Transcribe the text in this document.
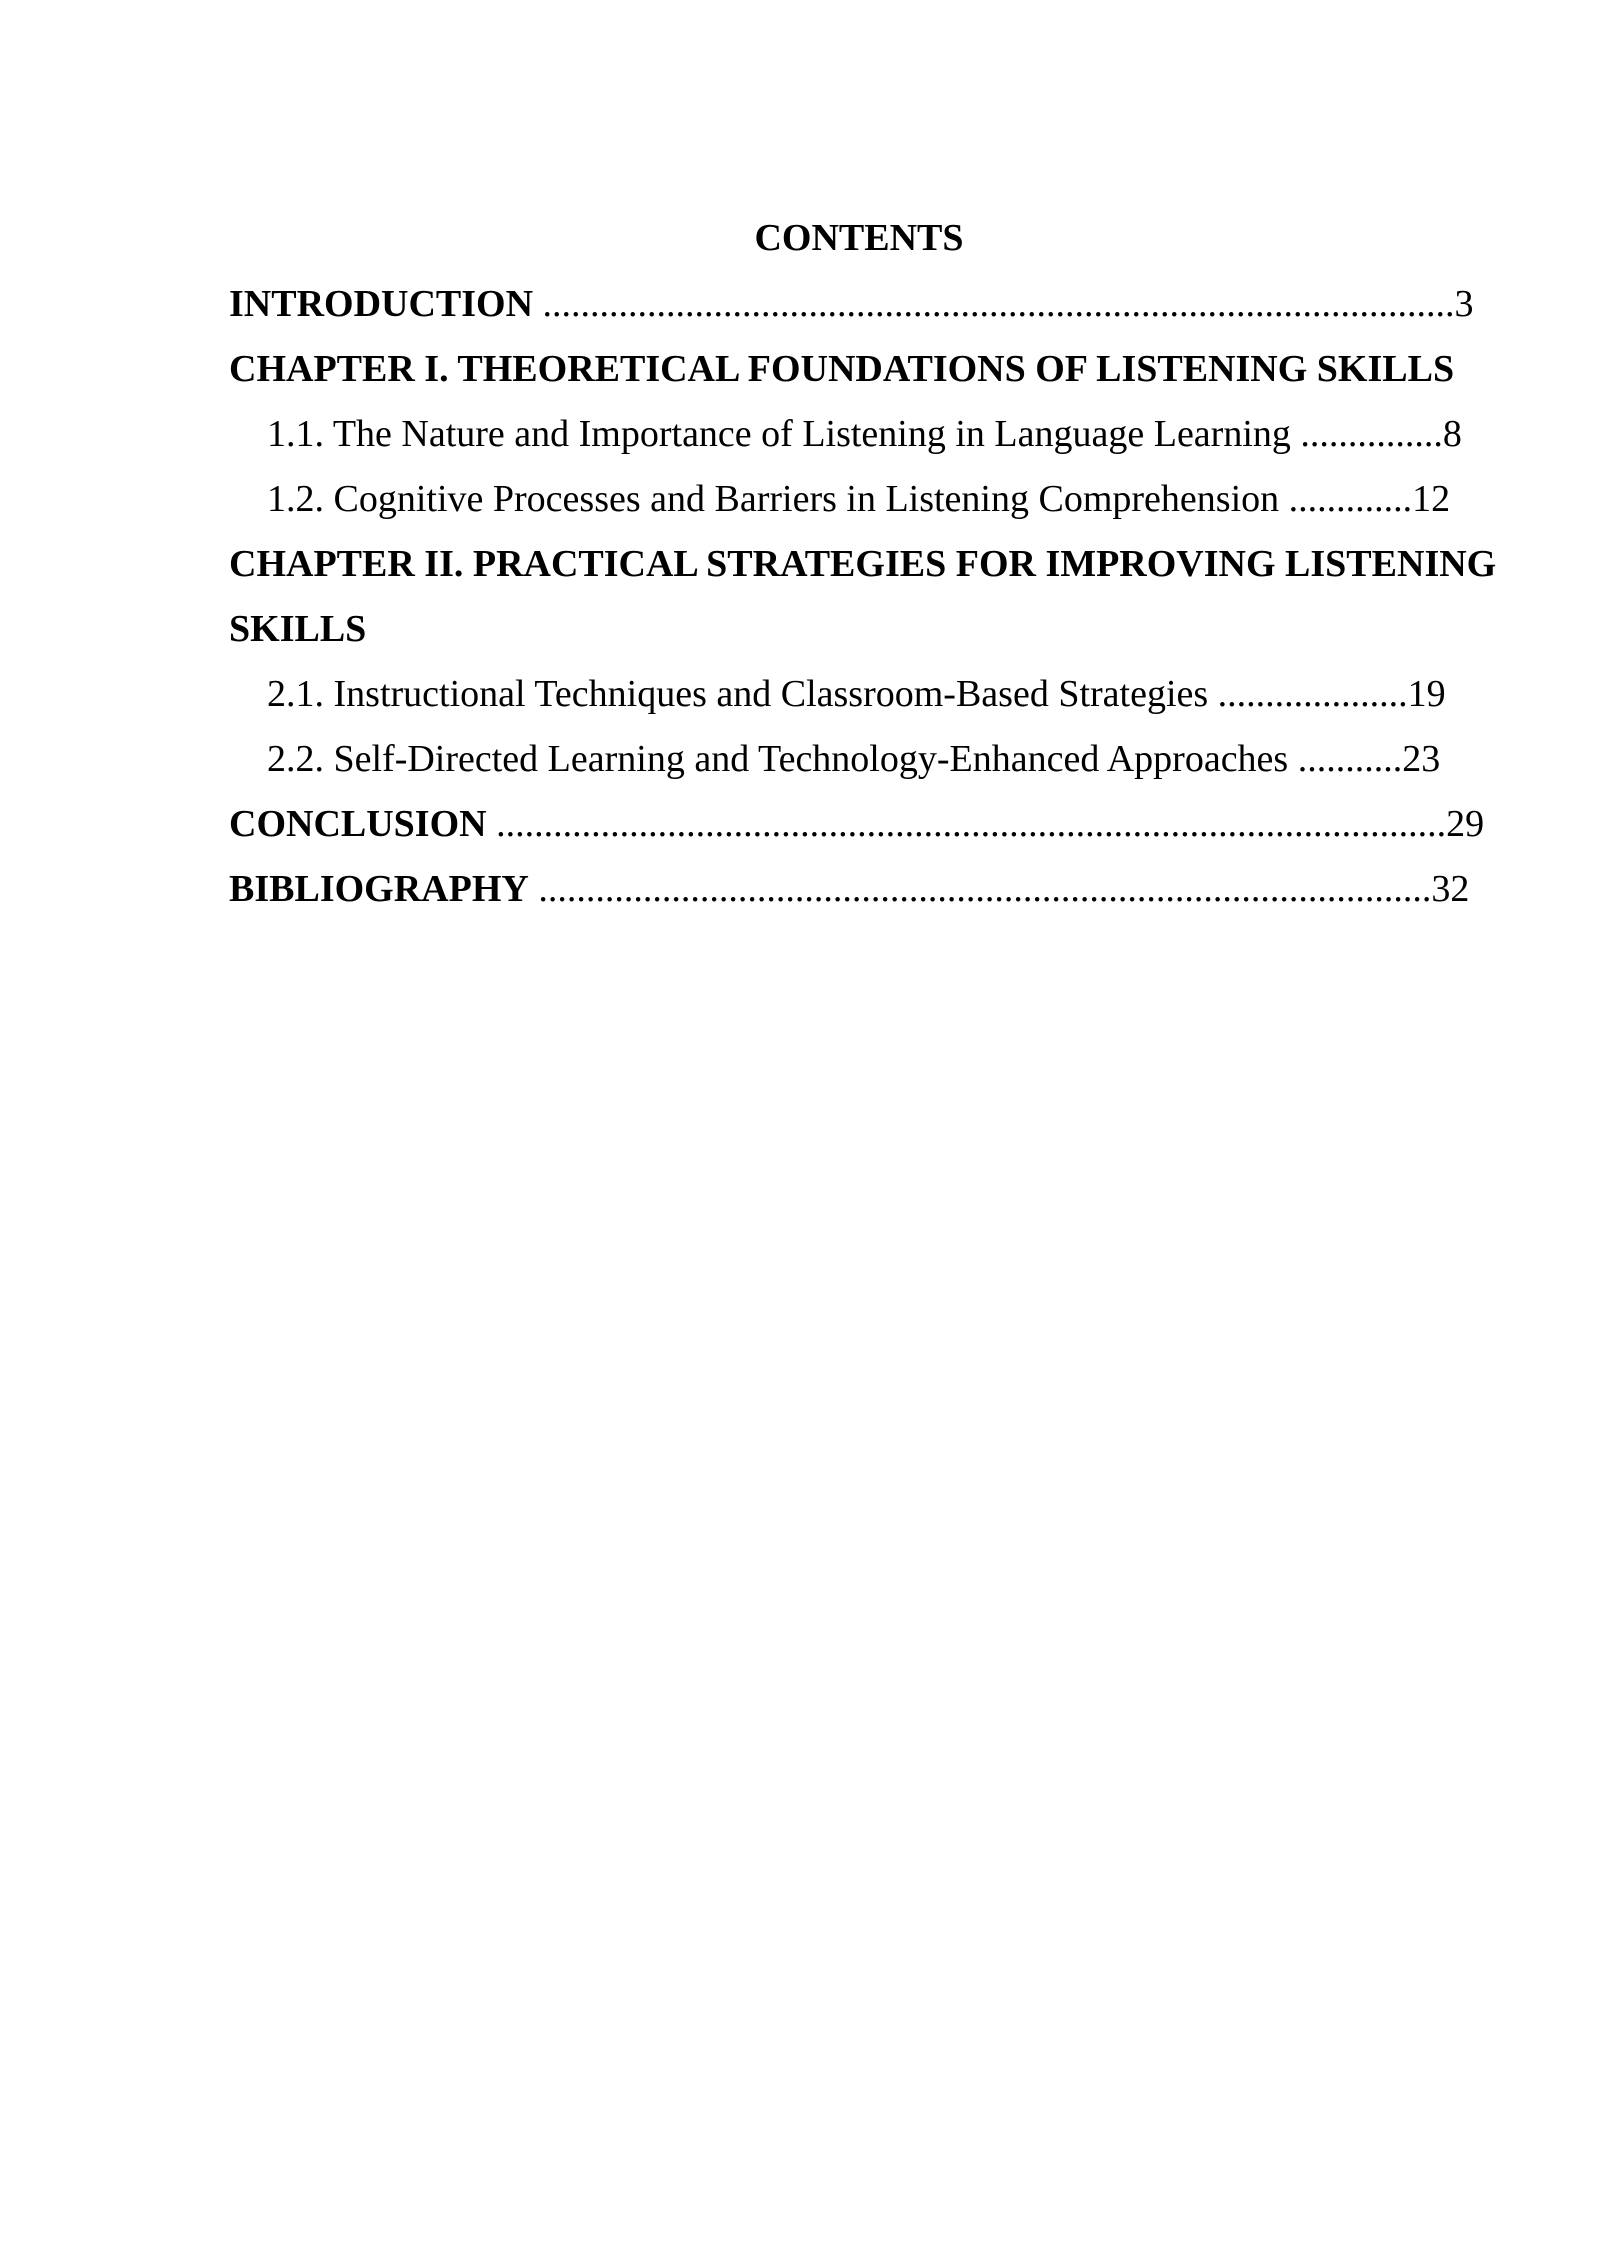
CONTENTS
INTRODUCTION ................................................................................................3
CHAPTER I. THEORETICAL FOUNDATIONS OF LISTENING SKILLS
1.1. The Nature and Importance of Listening in Language Learning ...............8
1.2. Cognitive Processes and Barriers in Listening Comprehension .............12
CHAPTER II. PRACTICAL STRATEGIES FOR IMPROVING LISTENING
SKILLS
2.1. Instructional Techniques and Classroom-Based Strategies ....................19
2.2. Self-Directed Learning and Technology-Enhanced Approaches ...........23
CONCLUSION ....................................................................................................29
BIBLIOGRAPHY ..............................................................................................32
